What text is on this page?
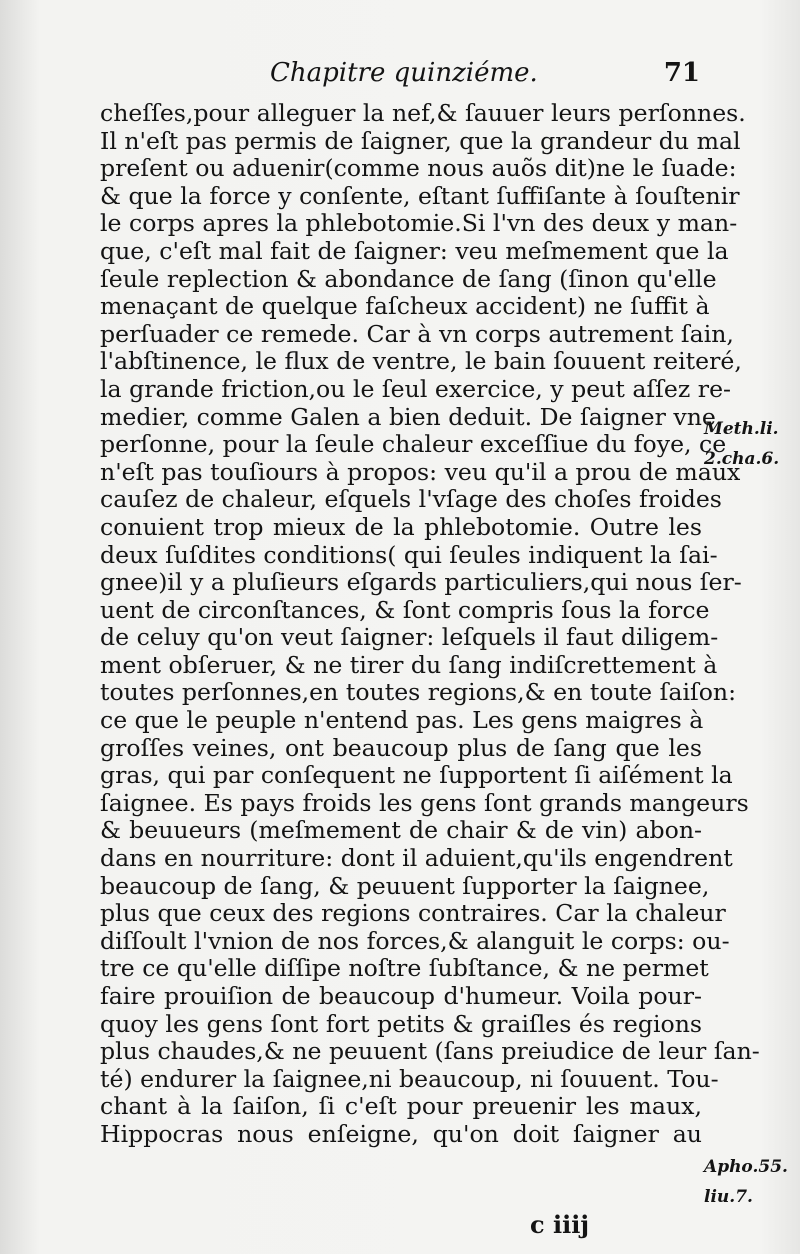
Chapitre quinziéme.	71
cheſſes,pour alleguer la nef,& ſauuer leurs perſonnes.
Il n'eſt pas permis de ſaigner, que la grandeur du mal
preſent ou aduenir(comme nous auõs dit)ne le ſuade:
& que la force y conſente, eſtant ſuffiſante à ſouſtenir
le corps apres la phlebotomie.Si l'vn des deux y man-
que, c'eſt mal fait de ſaigner: veu meſmement que la
ſeule replection & abondance de ſang (ſinon qu'elle
menaçant de quelque faſcheux accident) ne ſuffit à
perſuader ce remede. Car à vn corps autrement ſain,
l'abſtinence, le flux de ventre, le bain ſouuent reiteré,
la grande friction,ou le ſeul exercice, y peut aſſez re-
medier, comme Galen a bien deduit. De ſaigner vne
perſonne, pour la ſeule chaleur exceſſiue du foye, ce
n'eſt pas touſiours à propos: veu qu'il a prou de maux
cauſez de chaleur, eſquels l'vſage des choſes froides
conuient trop mieux de la phlebotomie. Outre les
deux ſuſdites conditions( qui ſeules indiquent la ſai-
gnee)il y a pluſieurs eſgards particuliers,qui nous ſer-
uent de circonſtances, & ſont compris ſous la force
de celuy qu'on veut ſaigner: leſquels il faut diligem-
ment obſeruer, & ne tirer du ſang indiſcrettement à
toutes perſonnes,en toutes regions,& en toute ſaiſon:
ce que le peuple n'entend pas. Les gens maigres à
groſſes veines, ont beaucoup plus de ſang que les
gras, qui par conſequent ne ſupportent ſi aiſément la
ſaignee. Es pays froids les gens ſont grands mangeurs
& beuueurs (meſmement de chair & de vin) abon-
dans en nourriture: dont il aduient,qu'ils engendrent
beaucoup de ſang, & peuuent ſupporter la ſaignee,
plus que ceux des regions contraires. Car la chaleur
diſſoult l'vnion de nos forces,& alanguit le corps: ou-
tre ce qu'elle diſſipe noſtre ſubſtance, & ne permet
faire prouiſion de beaucoup d'humeur. Voila pour-
quoy les gens ſont fort petits & graiſles és regions
plus chaudes,& ne peuuent (ſans preiudice de leur ſan-
té) endurer la ſaignee,ni beaucoup, ni ſouuent. Tou-
chant à la ſaiſon, ſi c'eſt pour preuenir les maux,
Hippocras nous enſeigne, qu'on doit ſaigner au
Meth.li.
2.cha.6.
Apho.55.
liu.7.
c iiij
